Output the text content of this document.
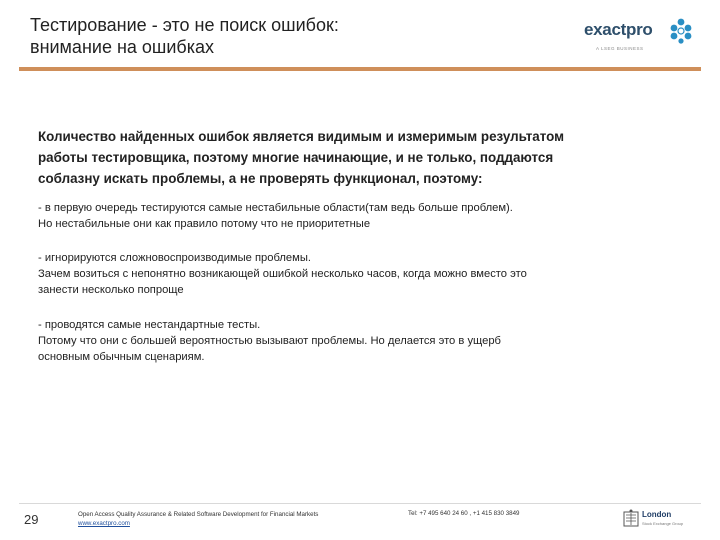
Тестирование - это не поиск ошибок:
внимание на ошибках
exactpro
A LSEG BUSINESS
Количество найденных ошибок является видимым и измеримым результатом
работы тестировщика, поэтому многие начинающие, и не только, поддаются
соблазну искать проблемы, а не проверять функционал, поэтому:
- в первую очередь тестируются самые нестабильные области(там ведь больше проблем).
Но нестабильные они как правило потому что не приоритетные
- игнорируются сложновоспроизводимые проблемы.
Зачем возиться с непонятно возникающей ошибкой несколько часов, когда можно вместо это
занести несколько попроще
- проводятся самые нестандартные тесты.
Потому что они с большей вероятностью вызывают проблемы. Но делается это в ущерб
основным обычным сценариям.
29	Open Access Quality Assurance & Related Software Development for Financial Markets
www.exactpro.com
Tel: +7 495 640 24 60 , +1 415 830 3849	London
Stock Exchange Group
